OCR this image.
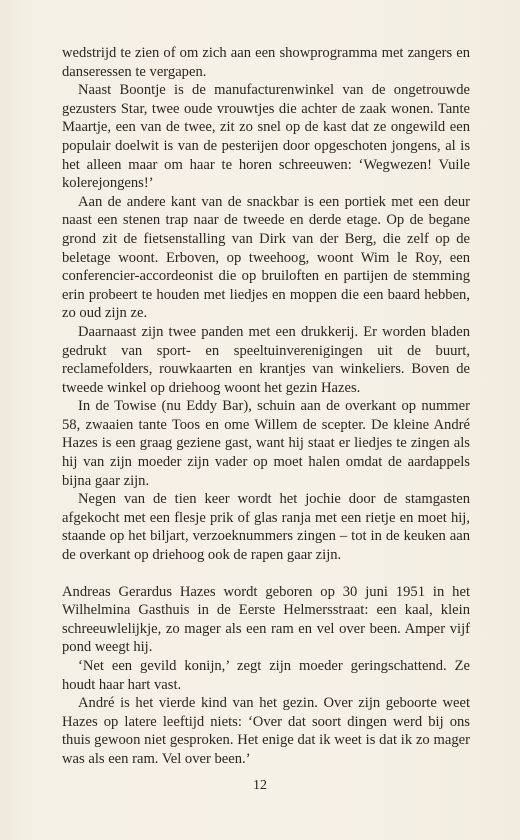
wedstrijd te zien of om zich aan een showprogramma met zangers en danseressen te vergapen.

Naast Boontje is de manufacturenwinkel van de ongetrouwde gezusters Star, twee oude vrouwtjes die achter de zaak wonen. Tante Maartje, een van de twee, zit zo snel op de kast dat ze ongewild een populair doelwit is van de pesterijen door opgeschoten jongens, al is het alleen maar om haar te horen schreeuwen: ‘Wegwezen! Vuile kolerejongens!’

Aan de andere kant van de snackbar is een portiek met een deur naast een stenen trap naar de tweede en derde etage. Op de begane grond zit de fietsenstalling van Dirk van der Berg, die zelf op de beletage woont. Erboven, op tweehoog, woont Wim le Roy, een conferencier-accordeonist die op bruiloften en partijen de stemming erin probeert te houden met liedjes en moppen die een baard hebben, zo oud zijn ze.

Daarnaast zijn twee panden met een drukkerij. Er worden bladen gedrukt van sport- en speeltuinverenigingen uit de buurt, reclamefolders, rouwkaarten en krantjes van winkeliers. Boven de tweede winkel op driehoog woont het gezin Hazes.

In de Towise (nu Eddy Bar), schuin aan de overkant op nummer 58, zwaaien tante Toos en ome Willem de scepter. De kleine André Hazes is een graag geziene gast, want hij staat er liedjes te zingen als hij van zijn moeder zijn vader op moet halen omdat de aardappels bijna gaar zijn.

Negen van de tien keer wordt het jochie door de stamgasten afgekocht met een flesje prik of glas ranja met een rietje en moet hij, staande op het biljart, verzoeknummers zingen – tot in de keuken aan de overkant op driehoog ook de rapen gaar zijn.

Andreas Gerardus Hazes wordt geboren op 30 juni 1951 in het Wilhelmina Gasthuis in de Eerste Helmersstraat: een kaal, klein schreeuwlelijkje, zo mager als een ram en vel over been. Amper vijf pond weegt hij.

‘Net een gevild konijn,’ zegt zijn moeder geringschattend. Ze houdt haar hart vast.

André is het vierde kind van het gezin. Over zijn geboorte weet Hazes op latere leeftijd niets: ‘Over dat soort dingen werd bij ons thuis gewoon niet gesproken. Het enige dat ik weet is dat ik zo mager was als een ram. Vel over been.’

12
